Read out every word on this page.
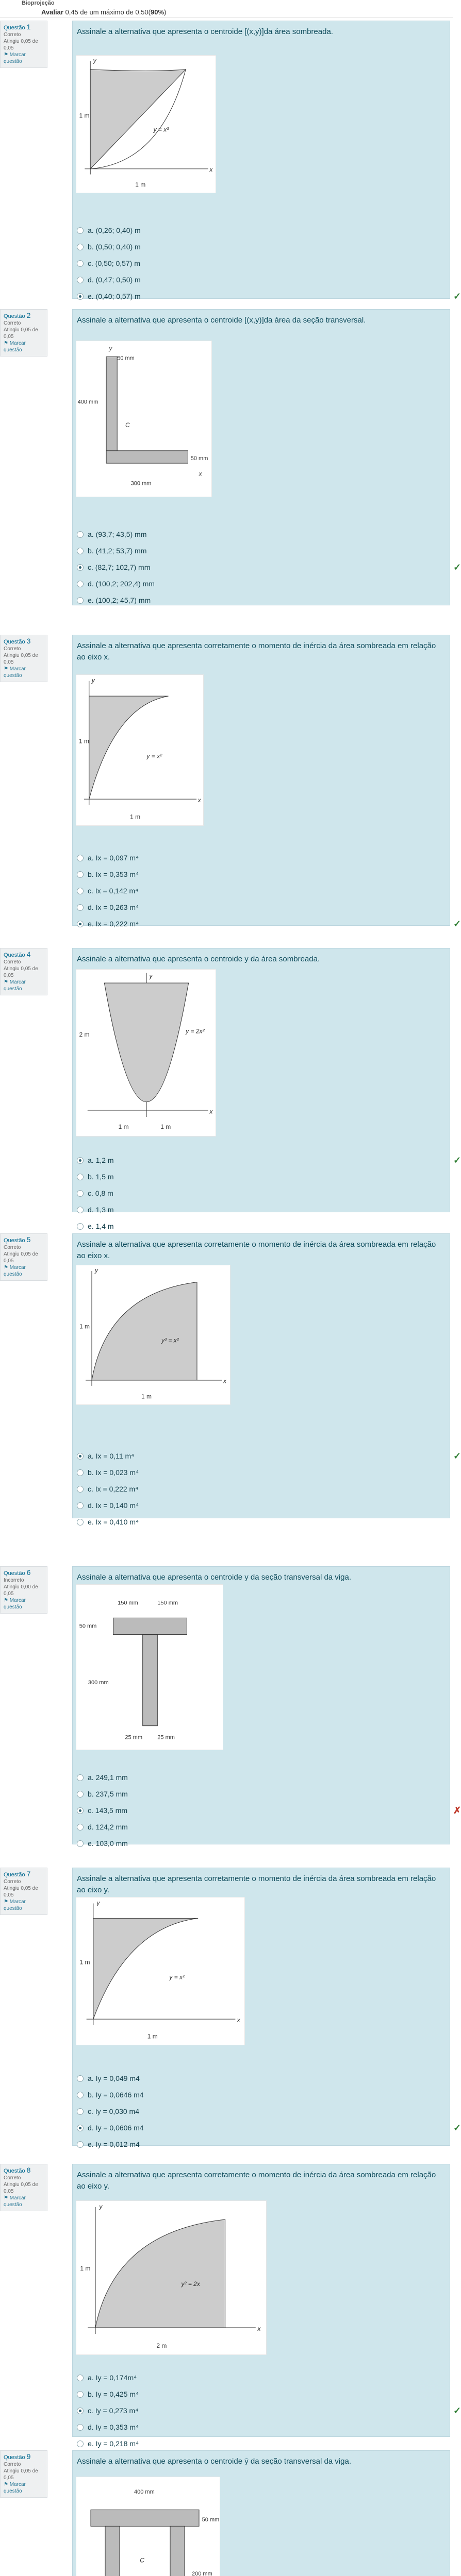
Bioprojeção
Avaliar 0,45 de um máximo de 0,50(90%)
Questão 1
Correto
Atingiu 0,05 de 0,05
⚑ Marcar questão
Assinale a alternativa que apresenta o centroide [(x,y)]da área sombreada.
1 m
1 m
y = x³
x
y
a. (0,26; 0,40) m
b. (0,50; 0,40) m
c. (0,50; 0,57) m
d. (0,47; 0,50) m
e. (0,40; 0,57) m	✓
Questão 2
Correto
Atingiu 0,05 de 0,05
⚑ Marcar questão
Assinale a alternativa que apresenta o centroide [(x,y)]da área da seção transversal.
50 mm
400 mm
300 mm
50 mm
C
x
y
a. (93,7; 43,5) mm
b. (41,2; 53,7) mm
c. (82,7; 102,7) mm	✓
d. (100,2; 202,4) mm
e. (100,2; 45,7) mm
Questão 3
Correto
Atingiu 0,05 de 0,05
⚑ Marcar questão
Assinale a alternativa que apresenta corretamente o momento de inércia da área sombreada em relação ao eixo x.
1 m
1 m
y = x²
x
y
a. Ix = 0,097 m⁴
b. Ix = 0,353 m⁴
c. Ix = 0,142 m⁴
d. Ix = 0,263 m⁴
e. Ix = 0,222 m⁴	✓
Questão 4
Correto
Atingiu 0,05 de 0,05
⚑ Marcar questão
Assinale a alternativa que apresenta o centroide y da área sombreada.
2 m
1 m	1 m
y = 2x²
x
y
a. 1,2 m	✓
b. 1,5 m
c. 0,8 m
d. 1,3 m
e. 1,4 m
Questão 5
Correto
Atingiu 0,05 de 0,05
⚑ Marcar questão
Assinale a alternativa que apresenta corretamente o momento de inércia da área sombreada em relação ao eixo x.
1 m
1 m
y³ = x²
x
y
a. Ix = 0,11 m⁴	✓
b. Ix = 0,023 m⁴
c. Ix = 0,222 m⁴
d. Ix = 0,140 m⁴
e. Ix = 0,410 m⁴
Questão 6
Incorreto
Atingiu 0,00 de 0,05
⚑ Marcar questão
Assinale a alternativa que apresenta o centroide y da seção transversal da viga.
150 mm	150 mm
50 mm
300 mm
25 mm	25 mm
a. 249,1 mm
b. 237,5 mm
c. 143,5 mm	✗
d. 124,2 mm
e. 103,0 mm
Questão 7
Correto
Atingiu 0,05 de 0,05
⚑ Marcar questão
Assinale a alternativa que apresenta corretamente o momento de inércia da área sombreada em relação ao eixo y.
1 m
1 m
y = x²
x
y
a. Iy = 0,049 m4
b. Iy = 0,0646 m4
c. Iy = 0,030 m4
d. Iy = 0,0606 m4	✓
e. Iy = 0,012 m4
Questão 8
Correto
Atingiu 0,05 de 0,05
⚑ Marcar questão
Assinale a alternativa que apresenta corretamente o momento de inércia da área sombreada em relação ao eixo y.
1 m
2 m
y² = 2x
x
y
a. Iy = 0,174m⁴
b. Iy = 0,425 m⁴
c. Iy = 0,273 m⁴	✓
d. Iy = 0,353 m⁴
e. Iy = 0,218 m⁴
Questão 9
Correto
Atingiu 0,05 de 0,05
⚑ Marcar questão
Assinale a alternativa que apresenta o centroide ȳ da seção transversal da viga.
400 mm
50 mm
200 mm
C
